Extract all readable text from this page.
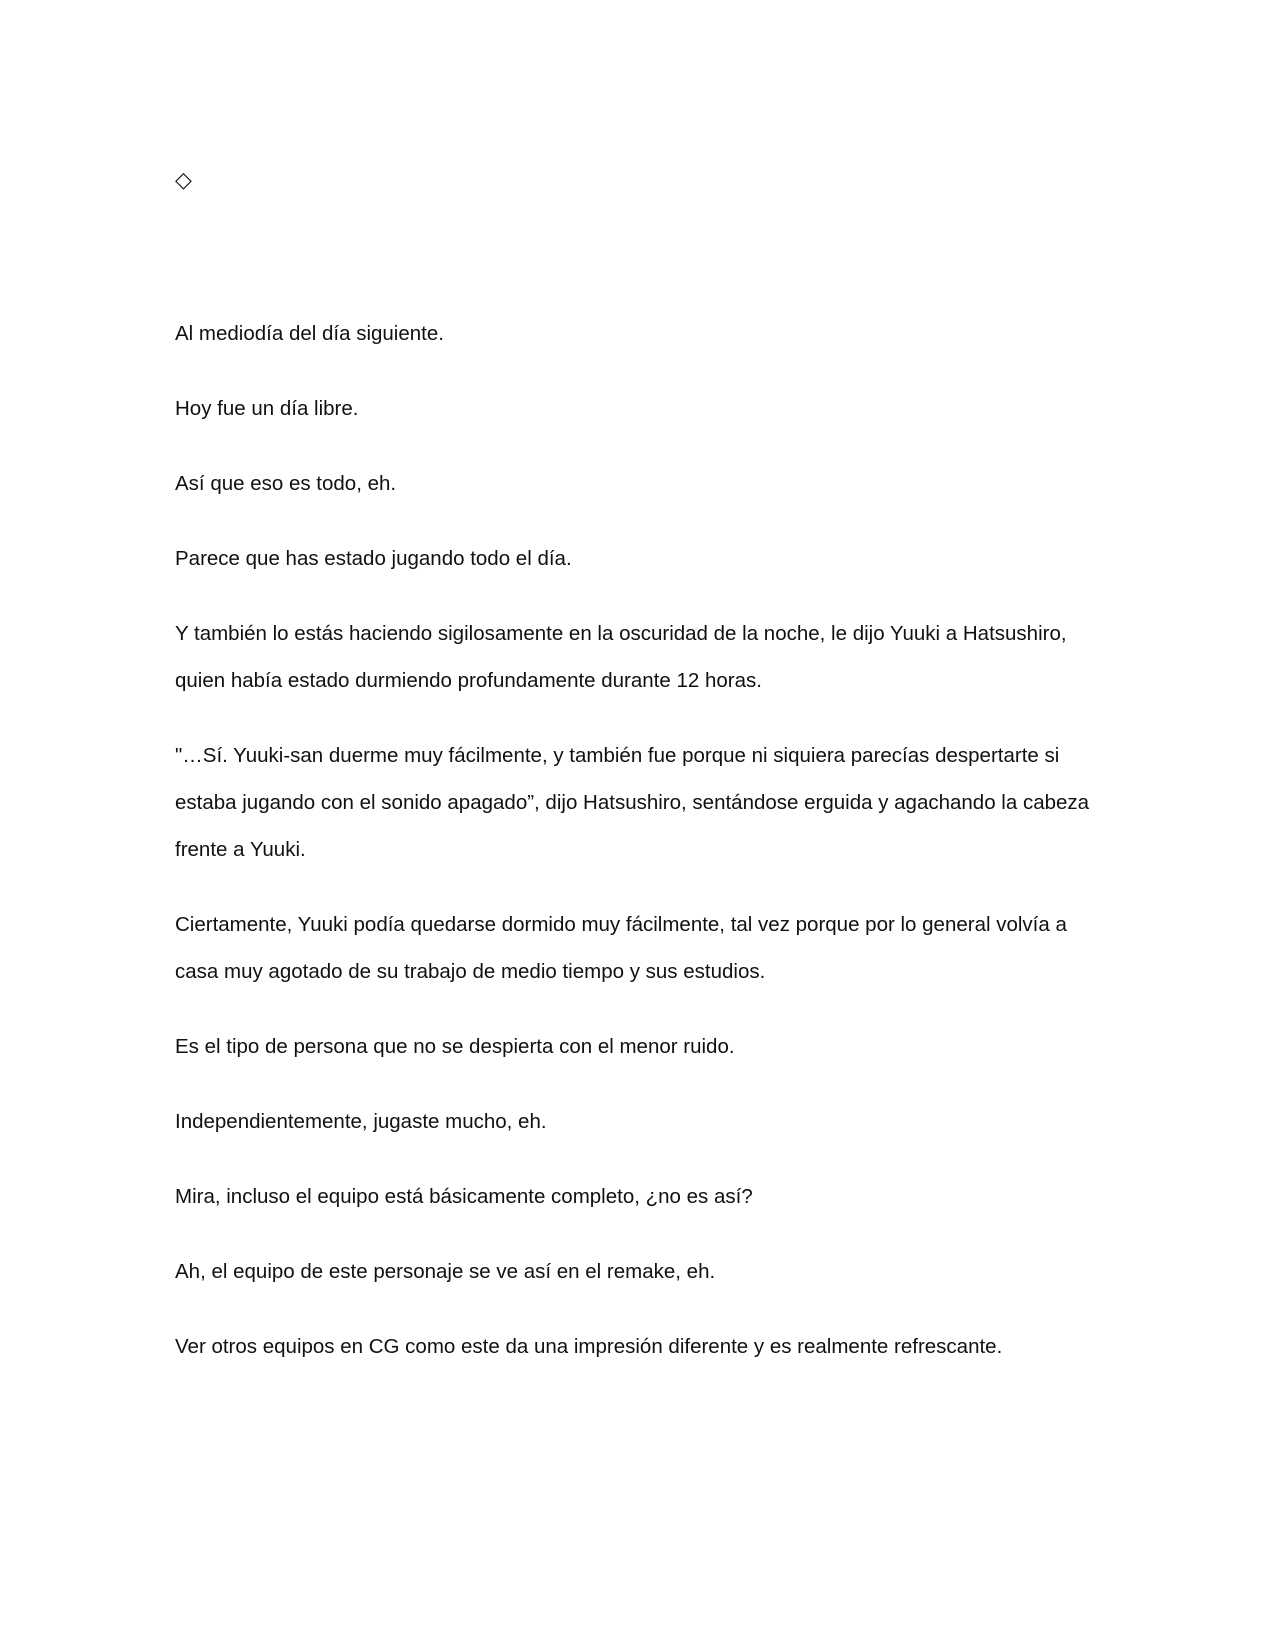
◇

Al mediodía del día siguiente.

Hoy fue un día libre.

Así que eso es todo, eh.

Parece que has estado jugando todo el día.

Y también lo estás haciendo sigilosamente en la oscuridad de la noche, le dijo Yuuki a Hatsushiro, quien había estado durmiendo profundamente durante 12 horas.

"…Sí. Yuuki-san duerme muy fácilmente, y también fue porque ni siquiera parecías despertarte si estaba jugando con el sonido apagado”, dijo Hatsushiro, sentándose erguida y agachando la cabeza frente a Yuuki.

Ciertamente, Yuuki podía quedarse dormido muy fácilmente, tal vez porque por lo general volvía a casa muy agotado de su trabajo de medio tiempo y sus estudios.

Es el tipo de persona que no se despierta con el menor ruido.

Independientemente, jugaste mucho, eh.

Mira, incluso el equipo está básicamente completo, ¿no es así?

Ah, el equipo de este personaje se ve así en el remake, eh.

Ver otros equipos en CG como este da una impresión diferente y es realmente refrescante.
